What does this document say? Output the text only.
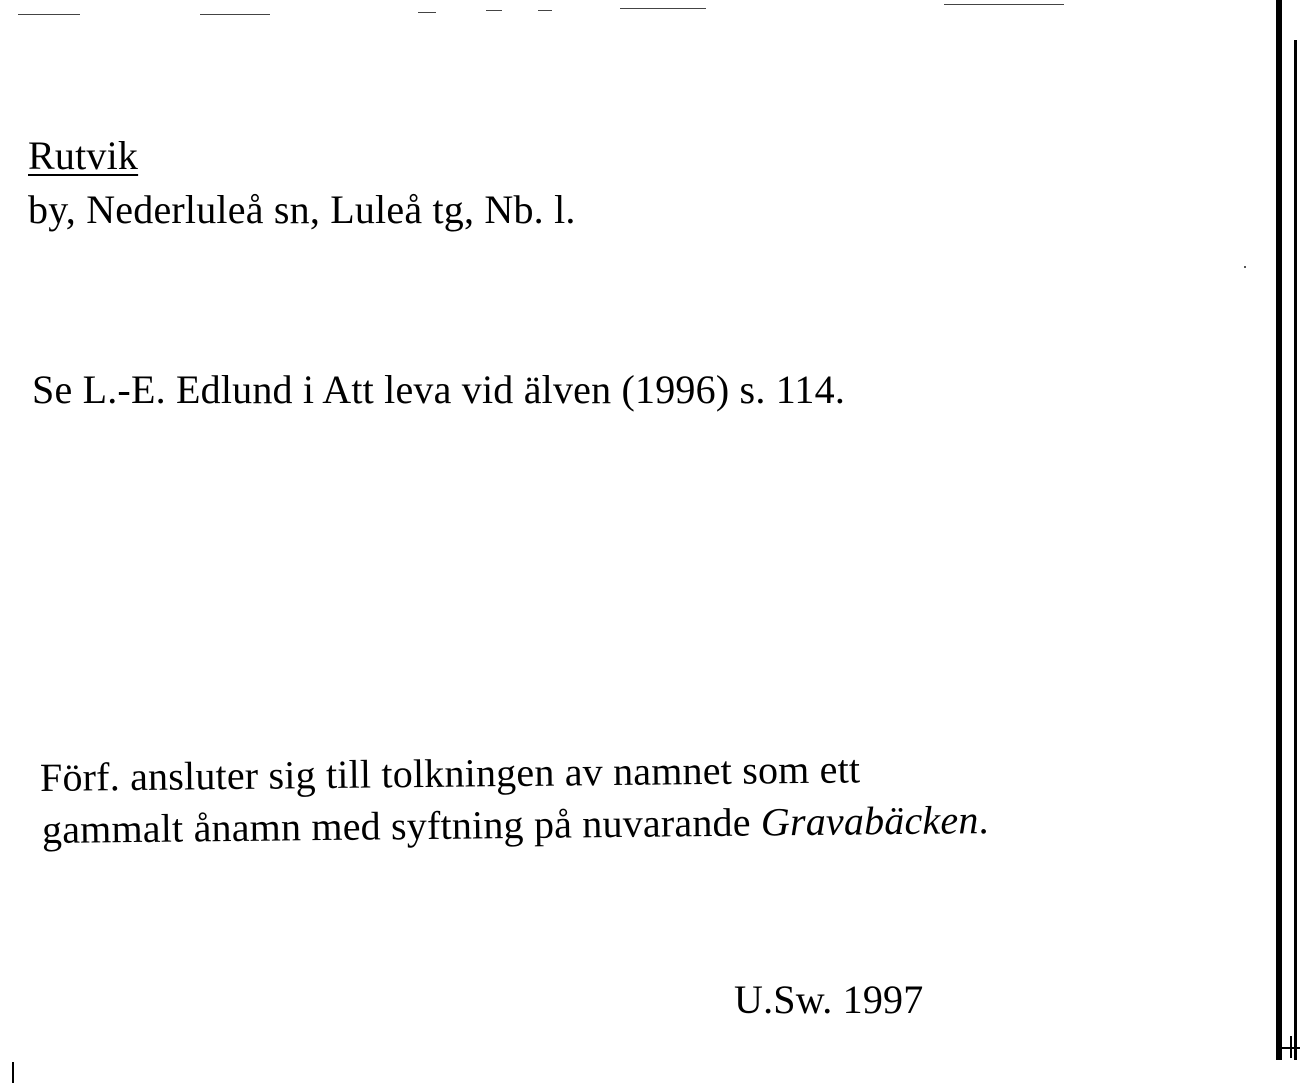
Rutvik
by, Nederluleå sn, Luleå tg, Nb. l.
Se L.-E. Edlund i Att leva vid älven (1996) s. 114.
Förf. ansluter sig till tolkningen av namnet som ett
gammalt ånamn med syftning på nuvarande Gravabäcken.
U.Sw. 1997
